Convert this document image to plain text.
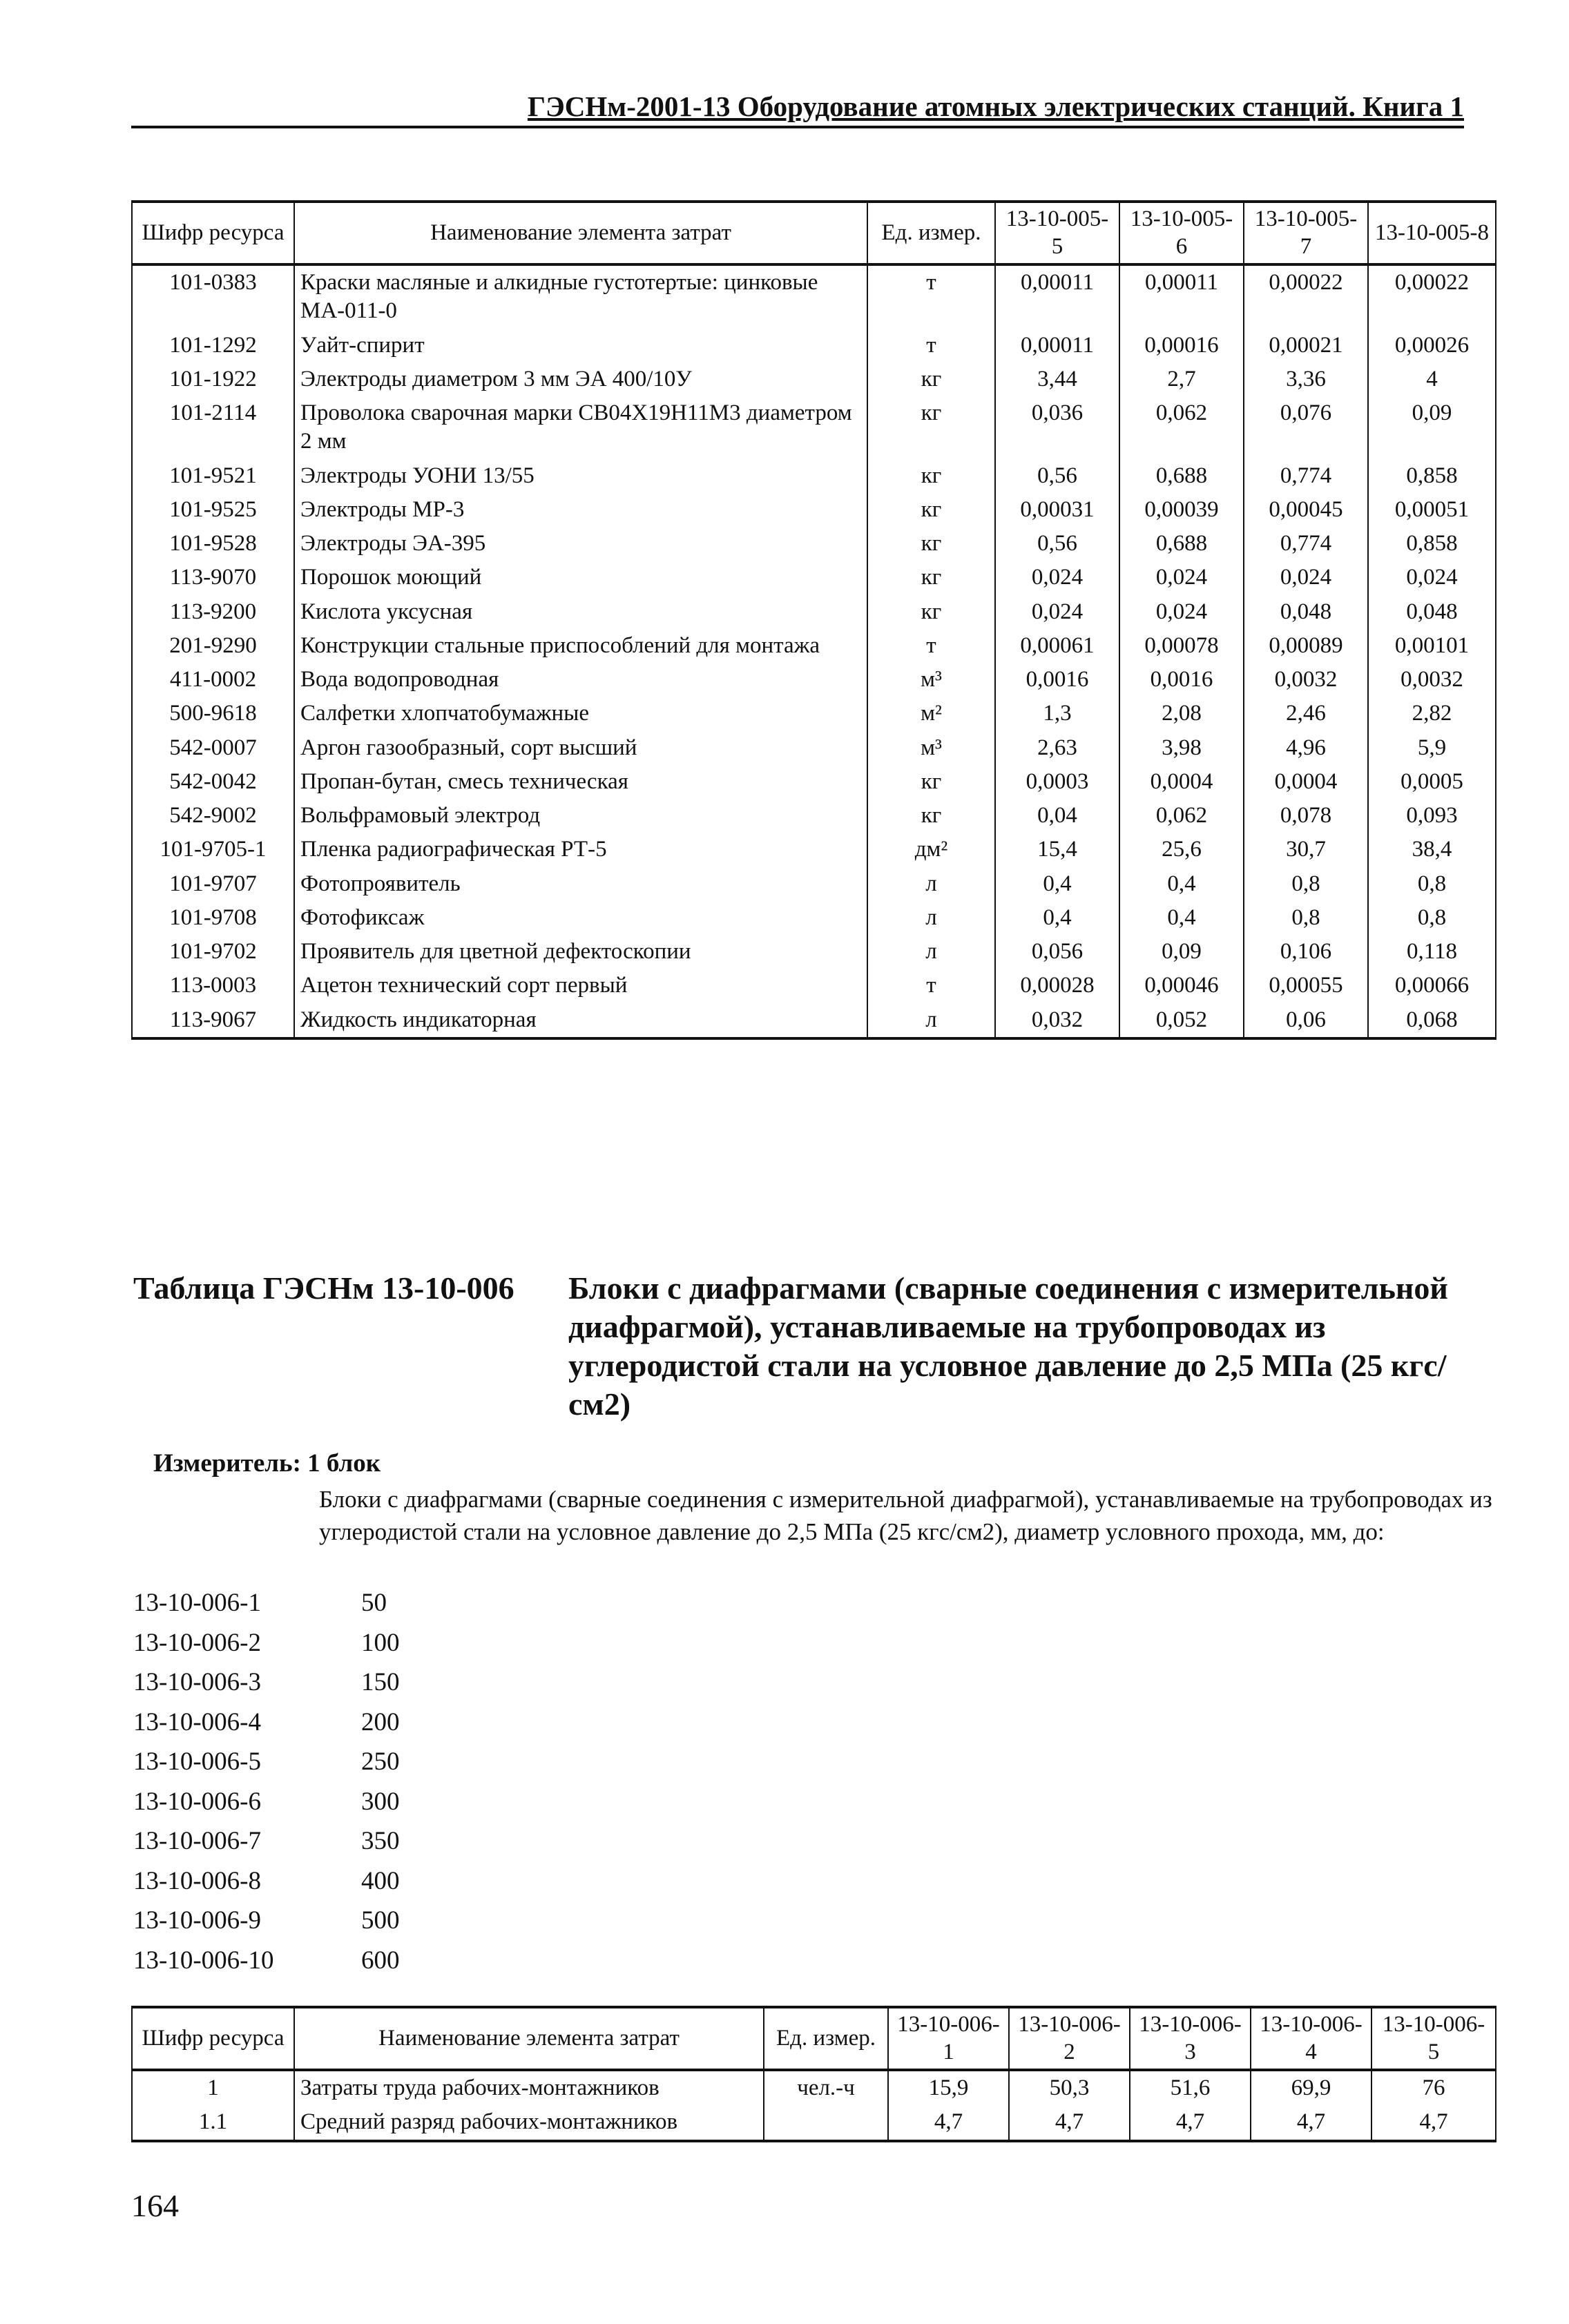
ГЭСНм-2001-13 Оборудование атомных электрических станций. Книга 1
Шифр ресурса	Наименование элемента затрат	Ед. измер.	13-10-005-5	13-10-005-6	13-10-005-7	13-10-005-8
101-0383	Краски масляные и алкидные густотертые: цинковые МА-011-0	т	0,00011	0,00011	0,00022	0,00022
101-1292	Уайт-спирит	т	0,00011	0,00016	0,00021	0,00026
101-1922	Электроды диаметром 3 мм ЭА 400/10У	кг	3,44	2,7	3,36	4
101-2114	Проволока сварочная марки СВ04Х19Н11М3 диаметром 2 мм	кг	0,036	0,062	0,076	0,09
101-9521	Электроды УОНИ 13/55	кг	0,56	0,688	0,774	0,858
101-9525	Электроды МР-3	кг	0,00031	0,00039	0,00045	0,00051
101-9528	Электроды ЭА-395	кг	0,56	0,688	0,774	0,858
113-9070	Порошок моющий	кг	0,024	0,024	0,024	0,024
113-9200	Кислота уксусная	кг	0,024	0,024	0,048	0,048
201-9290	Конструкции стальные приспособлений для монтажа	т	0,00061	0,00078	0,00089	0,00101
411-0002	Вода водопроводная	м³	0,0016	0,0016	0,0032	0,0032
500-9618	Салфетки хлопчатобумажные	м²	1,3	2,08	2,46	2,82
542-0007	Аргон газообразный, сорт высший	м³	2,63	3,98	4,96	5,9
542-0042	Пропан-бутан, смесь техническая	кг	0,0003	0,0004	0,0004	0,0005
542-9002	Вольфрамовый электрод	кг	0,04	0,062	0,078	0,093
101-9705-1	Пленка радиографическая РТ-5	дм²	15,4	25,6	30,7	38,4
101-9707	Фотопроявитель	л	0,4	0,4	0,8	0,8
101-9708	Фотофиксаж	л	0,4	0,4	0,8	0,8
101-9702	Проявитель для цветной дефектоскопии	л	0,056	0,09	0,106	0,118
113-0003	Ацетон технический сорт первый	т	0,00028	0,00046	0,00055	0,00066
113-9067	Жидкость индикаторная	л	0,032	0,052	0,06	0,068
Таблица ГЭСНм 13-10-006 Блоки с диафрагмами (сварные соединения с измерительной диафрагмой), устанавливаемые на трубопроводах из углеродистой стали на условное давление до 2,5 МПа (25 кгс/см2)
Измеритель: 1 блок
Блоки с диафрагмами (сварные соединения с измерительной диафрагмой), устанавливаемые на трубопроводах из углеродистой стали на условное давление до 2,5 МПа (25 кгс/см2), диаметр условного прохода, мм, до:
13-10-006-1	50
13-10-006-2	100
13-10-006-3	150
13-10-006-4	200
13-10-006-5	250
13-10-006-6	300
13-10-006-7	350
13-10-006-8	400
13-10-006-9	500
13-10-006-10	600
Шифр ресурса	Наименование элемента затрат	Ед. измер.	13-10-006-1	13-10-006-2	13-10-006-3	13-10-006-4	13-10-006-5
1	Затраты труда рабочих-монтажников	чел.-ч	15,9	50,3	51,6	69,9	76
1.1	Средний разряд рабочих-монтажников		4,7	4,7	4,7	4,7	4,7
164
